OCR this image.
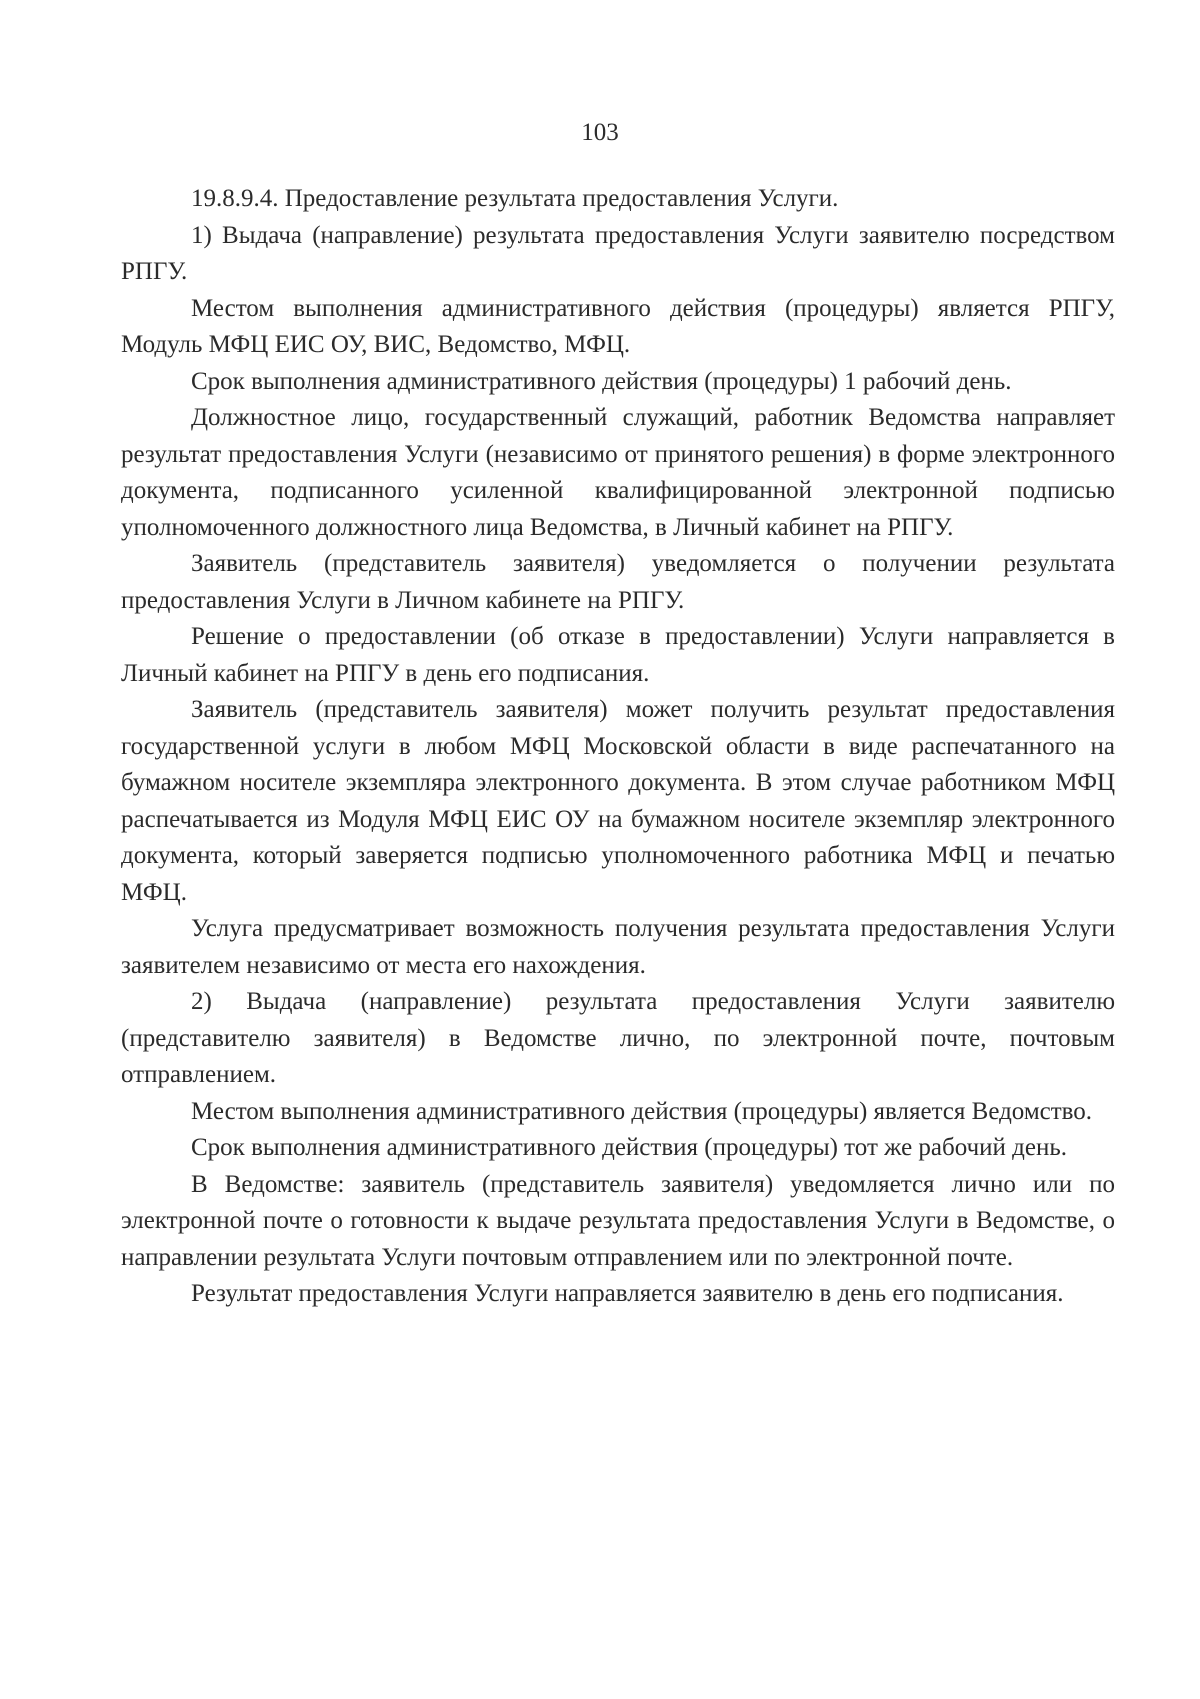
103

19.8.9.4. Предоставление результата предоставления Услуги.

1) Выдача (направление) результата предоставления Услуги заявителю посредством РПГУ.

Местом выполнения административного действия (процедуры) является РПГУ, Модуль МФЦ ЕИС ОУ, ВИС, Ведомство, МФЦ.

Срок выполнения административного действия (процедуры) 1 рабочий день.

Должностное лицо, государственный служащий, работник Ведомства направляет результат предоставления Услуги (независимо от принятого решения) в форме электронного документа, подписанного усиленной квалифицированной электронной подписью уполномоченного должностного лица Ведомства, в Личный кабинет на РПГУ.

Заявитель (представитель заявителя) уведомляется о получении результата предоставления Услуги в Личном кабинете на РПГУ.

Решение о предоставлении (об отказе в предоставлении) Услуги направляется в Личный кабинет на РПГУ в день его подписания.

Заявитель (представитель заявителя) может получить результат предоставления государственной услуги в любом МФЦ Московской области в виде распечатанного на бумажном носителе экземпляра электронного документа. В этом случае работником МФЦ распечатывается из Модуля МФЦ ЕИС ОУ на бумажном носителе экземпляр электронного документа, который заверяется подписью уполномоченного работника МФЦ и печатью МФЦ.

Услуга предусматривает возможность получения результата предоставления Услуги заявителем независимо от места его нахождения.

2) Выдача (направление) результата предоставления Услуги заявителю (представителю заявителя) в Ведомстве лично, по электронной почте, почтовым отправлением.

Местом выполнения административного действия (процедуры) является Ведомство.

Срок выполнения административного действия (процедуры) тот же рабочий день.

В Ведомстве: заявитель (представитель заявителя) уведомляется лично или по электронной почте о готовности к выдаче результата предоставления Услуги в Ведомстве, о направлении результата Услуги почтовым отправлением или по электронной почте.

Результат предоставления Услуги направляется заявителю в день его подписания.
